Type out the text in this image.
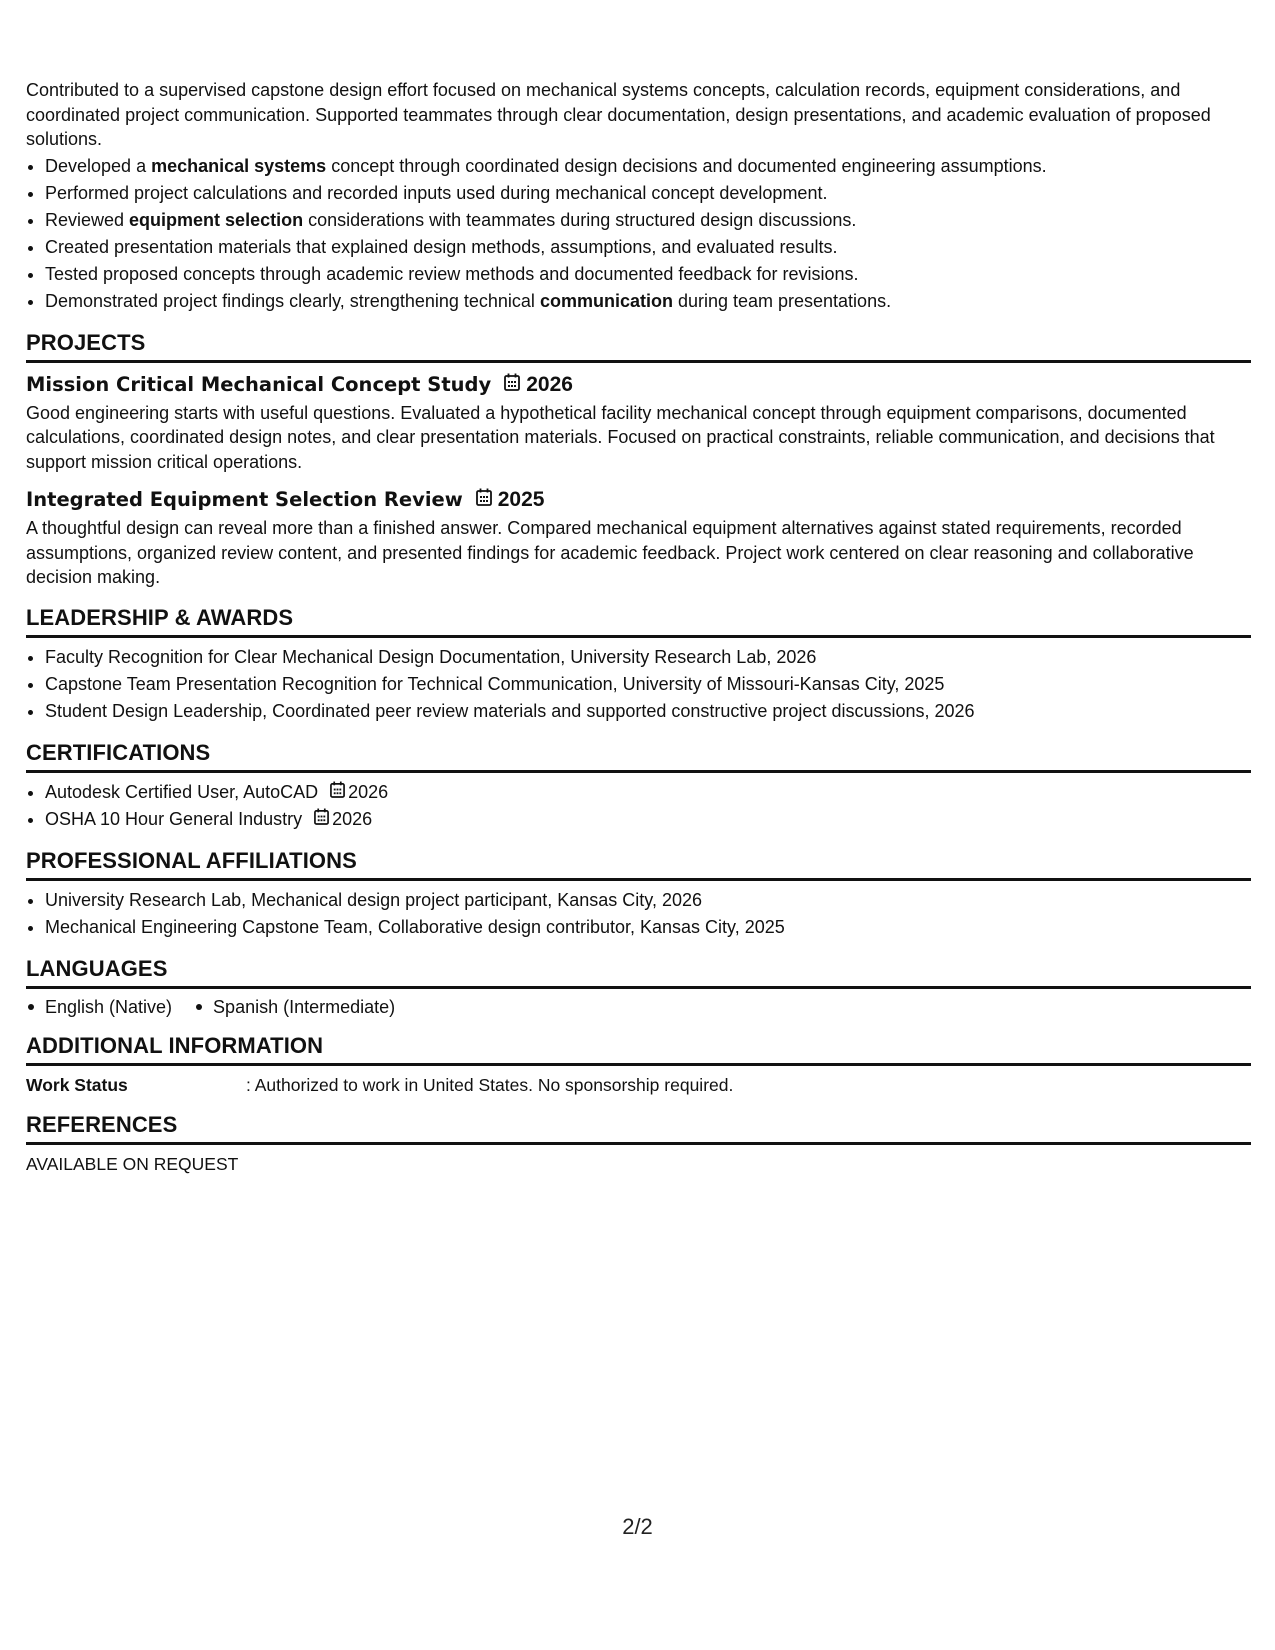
Contributed to a supervised capstone design effort focused on mechanical systems concepts, calculation records, equipment considerations, and coordinated project communication. Supported teammates through clear documentation, design presentations, and academic evaluation of proposed solutions.
• Developed a mechanical systems concept through coordinated design decisions and documented engineering assumptions.
• Performed project calculations and recorded inputs used during mechanical concept development.
• Reviewed equipment selection considerations with teammates during structured design discussions.
• Created presentation materials that explained design methods, assumptions, and evaluated results.
• Tested proposed concepts through academic review methods and documented feedback for revisions.
• Demonstrated project findings clearly, strengthening technical communication during team presentations.
PROJECTS
Mission Critical Mechanical Concept Study 2026
Good engineering starts with useful questions. Evaluated a hypothetical facility mechanical concept through equipment comparisons, documented calculations, coordinated design notes, and clear presentation materials. Focused on practical constraints, reliable communication, and decisions that support mission critical operations.
Integrated Equipment Selection Review 2025
A thoughtful design can reveal more than a finished answer. Compared mechanical equipment alternatives against stated requirements, recorded assumptions, organized review content, and presented findings for academic feedback. Project work centered on clear reasoning and collaborative decision making.
LEADERSHIP & AWARDS
• Faculty Recognition for Clear Mechanical Design Documentation, University Research Lab, 2026
• Capstone Team Presentation Recognition for Technical Communication, University of Missouri-Kansas City, 2025
• Student Design Leadership, Coordinated peer review materials and supported constructive project discussions, 2026
CERTIFICATIONS
• Autodesk Certified User, AutoCAD 2026
• OSHA 10 Hour General Industry 2026
PROFESSIONAL AFFILIATIONS
• University Research Lab, Mechanical design project participant, Kansas City, 2026
• Mechanical Engineering Capstone Team, Collaborative design contributor, Kansas City, 2025
LANGUAGES
English (Native) Spanish (Intermediate)
ADDITIONAL INFORMATION
Work Status	: Authorized to work in United States. No sponsorship required.
REFERENCES
AVAILABLE ON REQUEST
2/2
